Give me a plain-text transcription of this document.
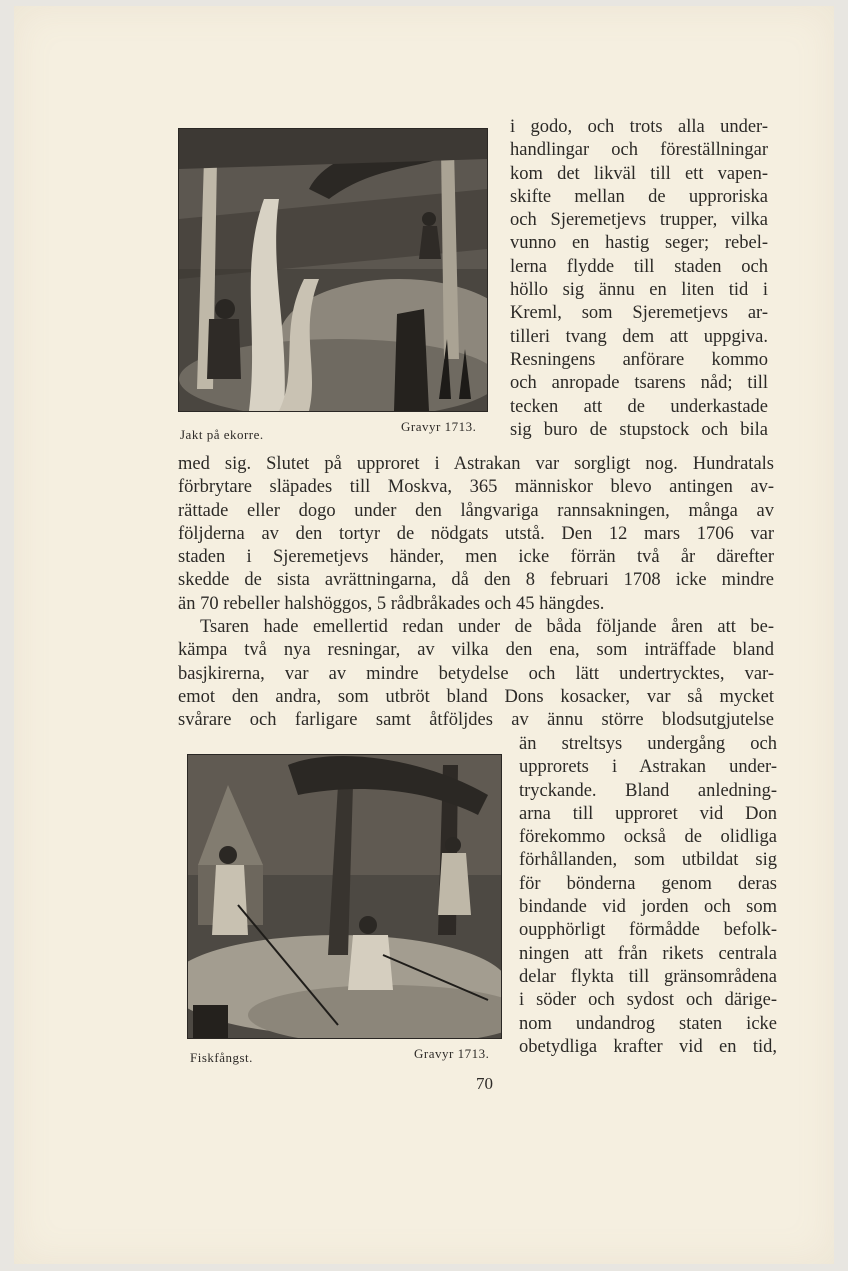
Jakt på ekorre.
Gravyr 1713.
Fiskfångst.	Gravyr 1713.
i godo, och trots alla under-
handlingar och föreställningar
kom det likväl till ett vapen-
skifte mellan de upproriska
och Sjeremetjevs trupper, vilka
vunno en hastig seger; rebel-
lerna flydde till staden och
höllo sig ännu en liten tid i
Kreml, som Sjeremetjevs ar-
tilleri tvang dem att uppgiva.
Resningens anförare kommo
och anropade tsarens nåd; till
tecken att de underkastade
sig buro de stupstock och bila
med sig. Slutet på upproret i Astrakan var sorgligt nog. Hundratals
förbrytare släpades till Moskva, 365 människor blevo antingen av-
rättade eller dogo under den långvariga rannsakningen, många av
följderna av den tortyr de nödgats utstå. Den 12 mars 1706 var
staden i Sjeremetjevs händer, men icke förrän två år därefter
skedde de sista avrättningarna, då den 8 februari 1708 icke mindre
än 70 rebeller halshöggos, 5 rådbråkades och 45 hängdes.
Tsaren hade emellertid redan under de båda följande åren att be-
kämpa två nya resningar, av vilka den ena, som inträffade bland
basjkirerna, var av mindre betydelse och lätt undertrycktes, var-
emot den andra, som utbröt bland Dons kosacker, var så mycket
svårare och farligare samt åtföljdes av ännu större blodsutgjutelse
än streltsys undergång och
upprorets i Astrakan under-
tryckande. Bland anledning-
arna till upproret vid Don
förekommo också de olidliga
förhållanden, som utbildat sig
för bönderna genom deras
bindande vid jorden och som
oupphörligt förmådde befolk-
ningen att från rikets centrala
delar flykta till gränsområdena
i söder och sydost och därige-
nom undandrog staten icke
obetydliga krafter vid en tid,
70
